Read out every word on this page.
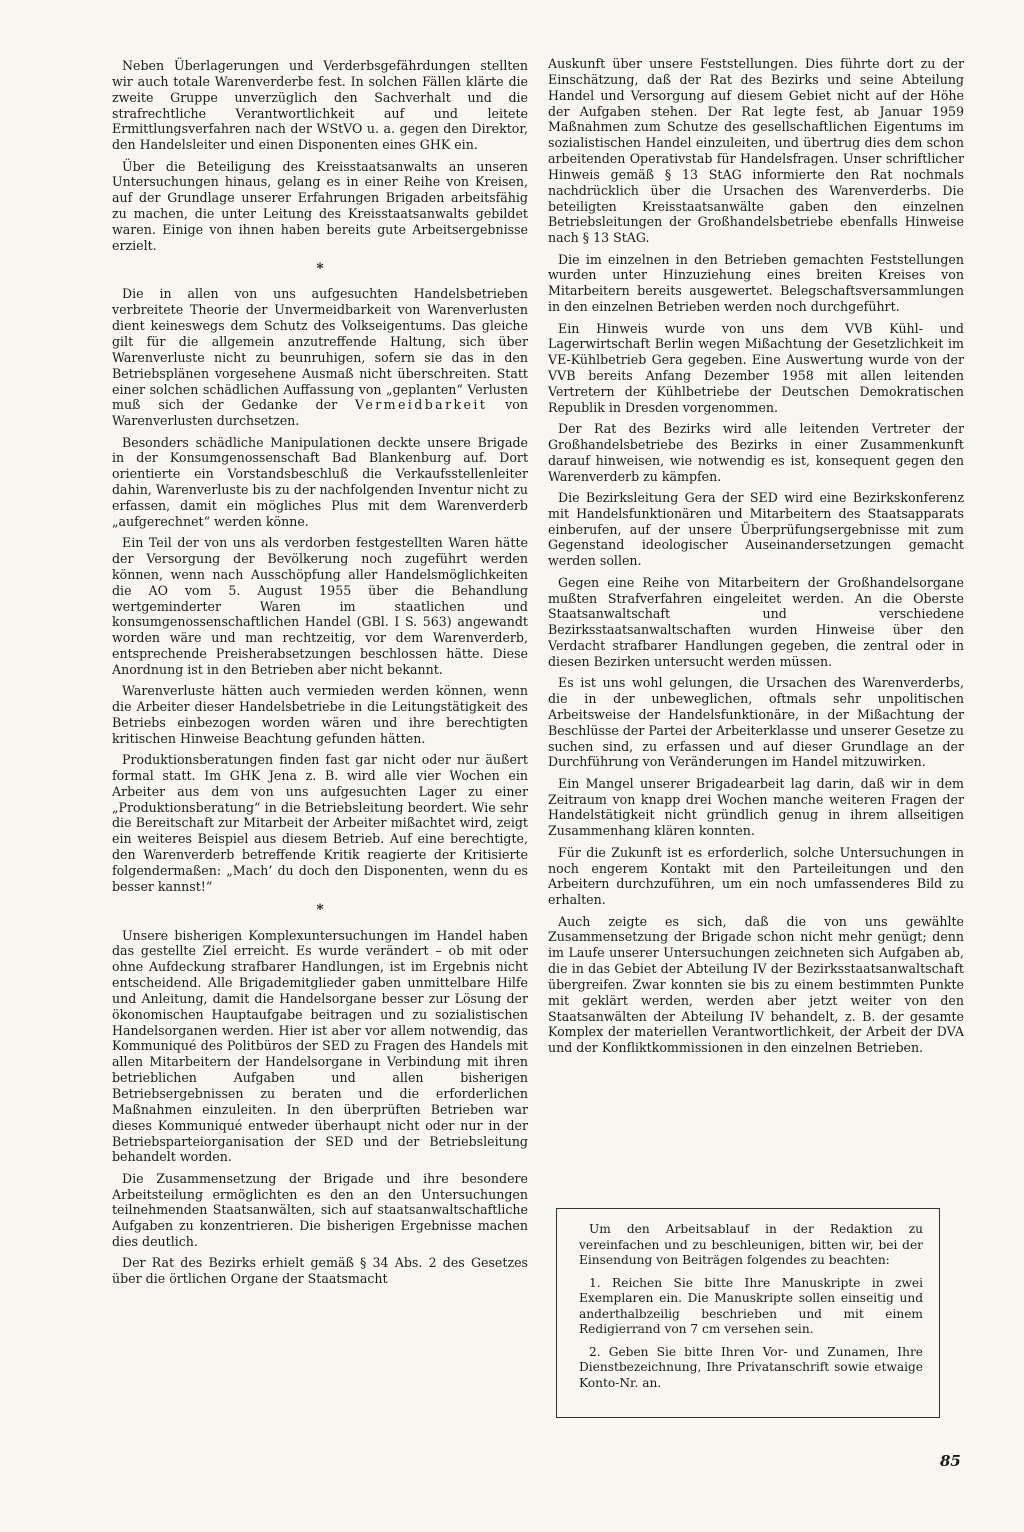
Neben Überlagerungen und Verderbsgefährdungen stellten wir auch totale Warenverderbe fest. In solchen Fällen klärte die zweite Gruppe unverzüglich den Sachverhalt und die strafrechtliche Verantwortlichkeit auf und leitete Ermittlungsverfahren nach der WStVO u. a. gegen den Direktor, den Handelsleiter und einen Disponenten eines GHK ein.

Über die Beteiligung des Kreisstaatsanwalts an unseren Untersuchungen hinaus, gelang es in einer Reihe von Kreisen, auf der Grundlage unserer Erfahrungen Brigaden arbeitsfähig zu machen, die unter Leitung des Kreisstaatsanwalts gebildet waren. Einige von ihnen haben bereits gute Arbeitsergebnisse erzielt.

*

Die in allen von uns aufgesuchten Handelsbetrieben verbreitete Theorie der Unvermeidbarkeit von Warenverlusten dient keineswegs dem Schutz des Volkseigentums. Das gleiche gilt für die allgemein anzutreffende Haltung, sich über Warenverluste nicht zu beunruhigen, sofern sie das in den Betriebsplänen vorgesehene Ausmaß nicht überschreiten. Statt einer solchen schädlichen Auffassung von „geplanten“ Verlusten muß sich der Gedanke der Vermeidbarkeit von Warenverlusten durchsetzen.

Besonders schädliche Manipulationen deckte unsere Brigade in der Konsumgenossenschaft Bad Blankenburg auf. Dort orientierte ein Vorstandsbeschluß die Verkaufsstellenleiter dahin, Warenverluste bis zu der nachfolgenden Inventur nicht zu erfassen, damit ein mögliches Plus mit dem Warenverderb „aufgerechnet“ werden könne.

Ein Teil der von uns als verdorben festgestellten Waren hätte der Versorgung der Bevölkerung noch zugeführt werden können, wenn nach Ausschöpfung aller Handelsmöglichkeiten die AO vom 5. August 1955 über die Behandlung wertgeminderter Waren im staatlichen und konsumgenossenschaftlichen Handel (GBl. I S. 563) angewandt worden wäre und man rechtzeitig, vor dem Warenverderb, entsprechende Preisherabsetzungen beschlossen hätte. Diese Anordnung ist in den Betrieben aber nicht bekannt.

Warenverluste hätten auch vermieden werden können, wenn die Arbeiter dieser Handelsbetriebe in die Leitungstätigkeit des Betriebs einbezogen worden wären und ihre berechtigten kritischen Hinweise Beachtung gefunden hätten.

Produktionsberatungen finden fast gar nicht oder nur äußert formal statt. Im GHK Jena z. B. wird alle vier Wochen ein Arbeiter aus dem von uns aufgesuchten Lager zu einer „Produktionsberatung“ in die Betriebsleitung beordert. Wie sehr die Bereitschaft zur Mitarbeit der Arbeiter mißachtet wird, zeigt ein weiteres Beispiel aus diesem Betrieb. Auf eine berechtigte, den Warenverderb betreffende Kritik reagierte der Kritisierte folgendermaßen: „Mach’ du doch den Disponenten, wenn du es besser kannst!“

*

Unsere bisherigen Komplexuntersuchungen im Handel haben das gestellte Ziel erreicht. Es wurde verändert – ob mit oder ohne Aufdeckung strafbarer Handlungen, ist im Ergebnis nicht entscheidend. Alle Brigademitglieder gaben unmittelbare Hilfe und Anleitung, damit die Handelsorgane besser zur Lösung der ökonomischen Hauptaufgabe beitragen und zu sozialistischen Handelsorganen werden. Hier ist aber vor allem notwendig, das Kommuniqué des Politbüros der SED zu Fragen des Handels mit allen Mitarbeitern der Handelsorgane in Verbindung mit ihren betrieblichen Aufgaben und allen bisherigen Betriebsergebnissen zu beraten und die erforderlichen Maßnahmen einzuleiten. In den überprüften Betrieben war dieses Kommuniqué entweder überhaupt nicht oder nur in der Betriebsparteiorganisation der SED und der Betriebsleitung behandelt worden.

Die Zusammensetzung der Brigade und ihre besondere Arbeitsteilung ermöglichten es den an den Untersuchungen teilnehmenden Staatsanwälten, sich auf staatsanwaltschaftliche Aufgaben zu konzentrieren. Die bisherigen Ergebnisse machen dies deutlich.

Der Rat des Bezirks erhielt gemäß § 34 Abs. 2 des Gesetzes über die örtlichen Organe der Staatsmacht

Auskunft über unsere Feststellungen. Dies führte dort zu der Einschätzung, daß der Rat des Bezirks und seine Abteilung Handel und Versorgung auf diesem Gebiet nicht auf der Höhe der Aufgaben stehen. Der Rat legte fest, ab Januar 1959 Maßnahmen zum Schutze des gesellschaftlichen Eigentums im sozialistischen Handel einzuleiten, und übertrug dies dem schon arbeitenden Operativstab für Handelsfragen. Unser schriftlicher Hinweis gemäß § 13 StAG informierte den Rat nochmals nachdrücklich über die Ursachen des Warenverderbs. Die beteiligten Kreisstaatsanwälte gaben den einzelnen Betriebsleitungen der Großhandelsbetriebe ebenfalls Hinweise nach § 13 StAG.

Die im einzelnen in den Betrieben gemachten Feststellungen wurden unter Hinzuziehung eines breiten Kreises von Mitarbeitern bereits ausgewertet. Belegschaftsversammlungen in den einzelnen Betrieben werden noch durchgeführt.

Ein Hinweis wurde von uns dem VVB Kühl- und Lagerwirtschaft Berlin wegen Mißachtung der Gesetzlichkeit im VE-Kühlbetrieb Gera gegeben. Eine Auswertung wurde von der VVB bereits Anfang Dezember 1958 mit allen leitenden Vertretern der Kühlbetriebe der Deutschen Demokratischen Republik in Dresden vorgenommen.

Der Rat des Bezirks wird alle leitenden Vertreter der Großhandelsbetriebe des Bezirks in einer Zusammenkunft darauf hinweisen, wie notwendig es ist, konsequent gegen den Warenverderb zu kämpfen.

Die Bezirksleitung Gera der SED wird eine Bezirkskonferenz mit Handelsfunktionären und Mitarbeitern des Staatsapparats einberufen, auf der unsere Überprüfungsergebnisse mit zum Gegenstand ideologischer Auseinandersetzungen gemacht werden sollen.

Gegen eine Reihe von Mitarbeitern der Großhandelsorgane mußten Strafverfahren eingeleitet werden. An die Oberste Staatsanwaltschaft und verschiedene Bezirksstaatsanwaltschaften wurden Hinweise über den Verdacht strafbarer Handlungen gegeben, die zentral oder in diesen Bezirken untersucht werden müssen.

Es ist uns wohl gelungen, die Ursachen des Warenverderbs, die in der unbeweglichen, oftmals sehr unpolitischen Arbeitsweise der Handelsfunktionäre, in der Mißachtung der Beschlüsse der Partei der Arbeiterklasse und unserer Gesetze zu suchen sind, zu erfassen und auf dieser Grundlage an der Durchführung von Veränderungen im Handel mitzuwirken.

Ein Mangel unserer Brigadearbeit lag darin, daß wir in dem Zeitraum von knapp drei Wochen manche weiteren Fragen der Handelstätigkeit nicht gründlich genug in ihrem allseitigen Zusammenhang klären konnten.

Für die Zukunft ist es erforderlich, solche Untersuchungen in noch engerem Kontakt mit den Parteileitungen und den Arbeitern durchzuführen, um ein noch umfassenderes Bild zu erhalten.

Auch zeigte es sich, daß die von uns gewählte Zusammensetzung der Brigade schon nicht mehr genügt; denn im Laufe unserer Untersuchungen zeichneten sich Aufgaben ab, die in das Gebiet der Abteilung IV der Bezirksstaatsanwaltschaft übergreifen. Zwar konnten sie bis zu einem bestimmten Punkte mit geklärt werden, werden aber jetzt weiter von den Staatsanwälten der Abteilung IV behandelt, z. B. der gesamte Komplex der materiellen Verantwortlichkeit, der Arbeit der DVA und der Konfliktkommissionen in den einzelnen Betrieben.

Um den Arbeitsablauf in der Redaktion zu vereinfachen und zu beschleunigen, bitten wir, bei der Einsendung von Beiträgen folgendes zu beachten:

1. Reichen Sie bitte Ihre Manuskripte in zwei Exemplaren ein. Die Manuskripte sollen einseitig und anderthalbzeilig beschrieben und mit einem Redigierrand von 7 cm versehen sein.

2. Geben Sie bitte Ihren Vor- und Zunamen, Ihre Dienstbezeichnung, Ihre Privatanschrift sowie etwaige Konto-Nr. an.

85
